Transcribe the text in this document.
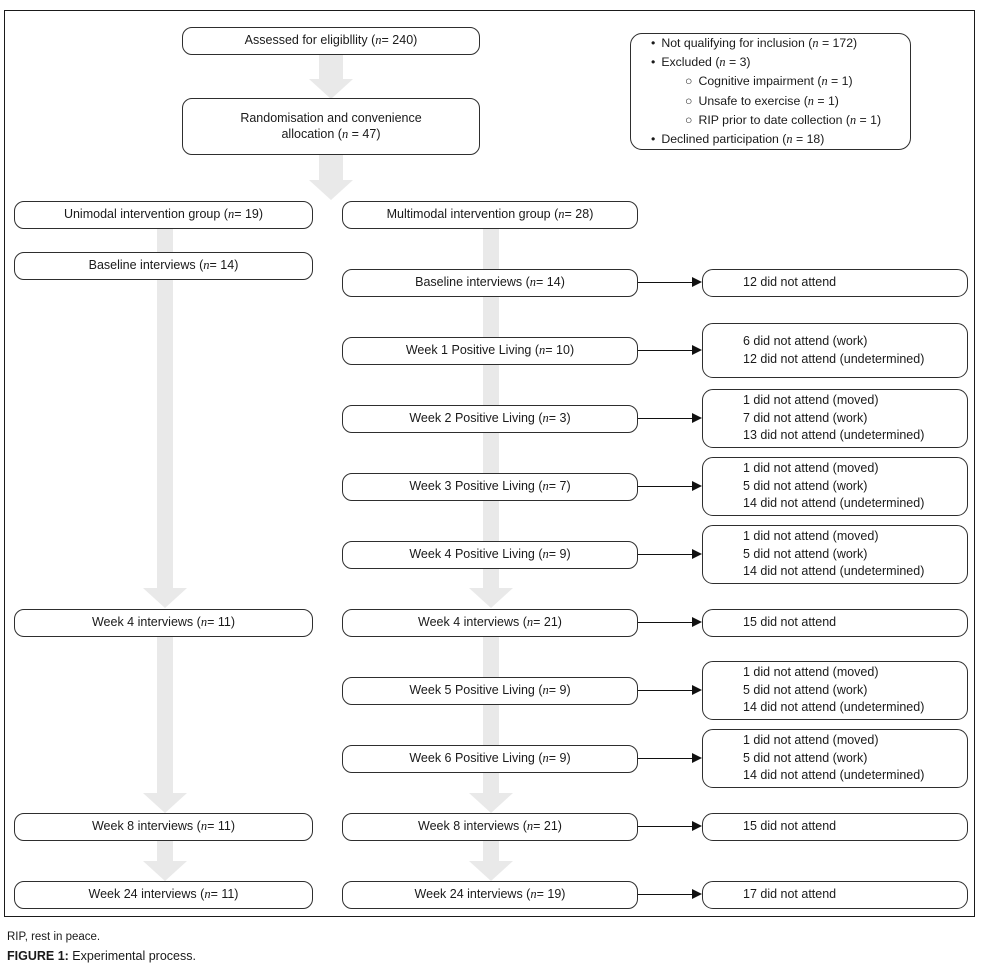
Assessed for eligibllity ( n = 240)	• Not qualifying for inclusion (n = 172)
• Excluded (n = 3)
○ Cognitive impairment (n = 1)
○ Unsafe to exercise (n = 1)
○ RIP prior to date collection (n = 1)
• Declined participation (n = 18)
Randomisation and convenience
allocation (n = 47)
Unimodal intervention group ( n = 19)	Multimodal intervention group ( n = 28)
Baseline interviews ( n = 14)
Week 4 interviews ( n = 11)
Week 8 interviews ( n = 11)
Week 24 interviews ( n = 11)
Baseline interviews ( n = 14)
Week 1 Positive Living ( n = 10)
Week 2 Positive Living ( n = 3)
Week 3 Positive Living ( n = 7)
Week 4 Positive Living ( n = 9)
Week 4 interviews ( n = 21)
Week 5 Positive Living ( n = 9)
Week 6 Positive Living ( n = 9)
Week 8 interviews ( n = 21)
Week 24 interviews ( n = 19)
12 did not attend
6 did not attend (work)
12 did not attend (undetermined)
1 did not attend (moved)
7 did not attend (work)
13 did not attend (undetermined)
1 did not attend (moved)
5 did not attend (work)
14 did not attend (undetermined)
1 did not attend (moved)
5 did not attend (work)
14 did not attend (undetermined)
15 did not attend
1 did not attend (moved)
5 did not attend (work)
14 did not attend (undetermined)
1 did not attend (moved)
5 did not attend (work)
14 did not attend (undetermined)
15 did not attend
17 did not attend
RIP, rest in peace.
FIGURE 1: Experimental process.
